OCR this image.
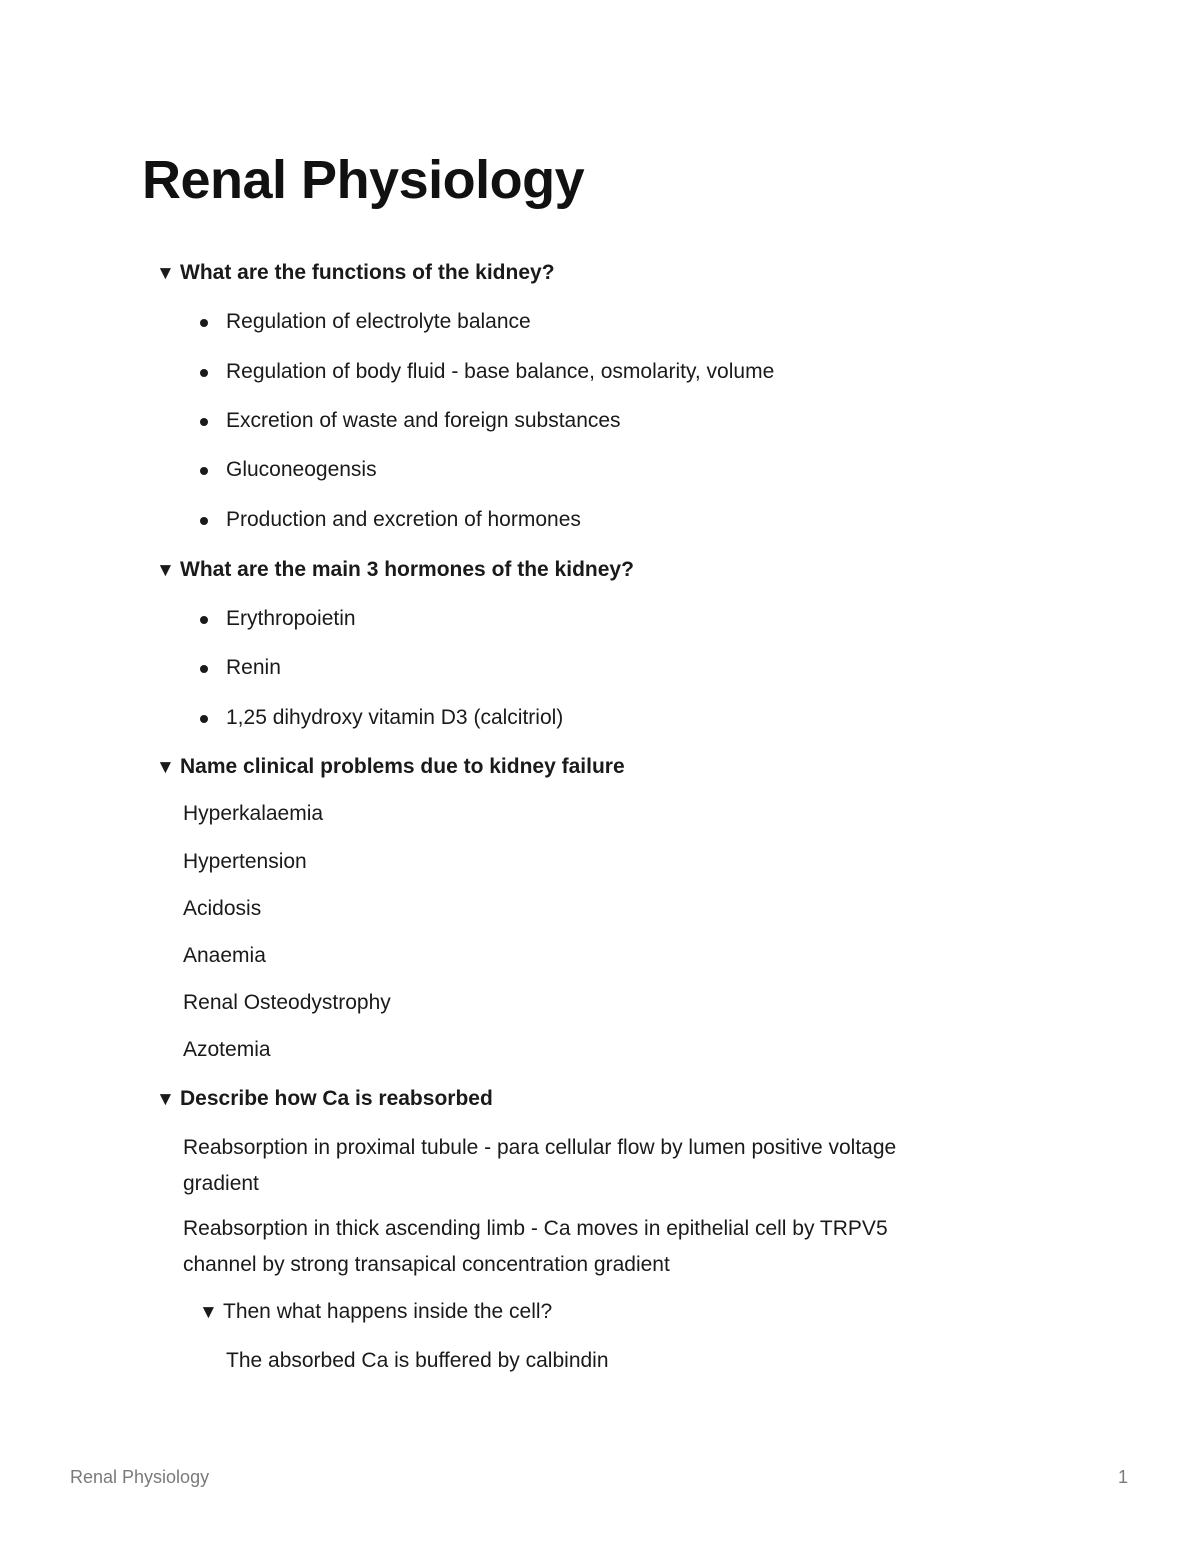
Renal Physiology
▼ What are the functions of the kidney?
Regulation of electrolyte balance
Regulation of body fluid - base balance, osmolarity, volume
Excretion of waste and foreign substances
Gluconeogensis
Production and excretion of hormones
▼ What are the main 3 hormones of the kidney?
Erythropoietin
Renin
1,25 dihydroxy vitamin D3 (calcitriol)
▼ Name clinical problems due to kidney failure
Hyperkalaemia
Hypertension
Acidosis
Anaemia
Renal Osteodystrophy
Azotemia
▼ Describe how Ca is reabsorbed
Reabsorption in proximal tubule - para cellular flow by lumen positive voltage
gradient
Reabsorption in thick ascending limb - Ca moves in epithelial cell by TRPV5
channel by strong transapical concentration gradient
▼ Then what happens inside the cell?
The absorbed Ca is buffered by calbindin
Renal Physiology	1
